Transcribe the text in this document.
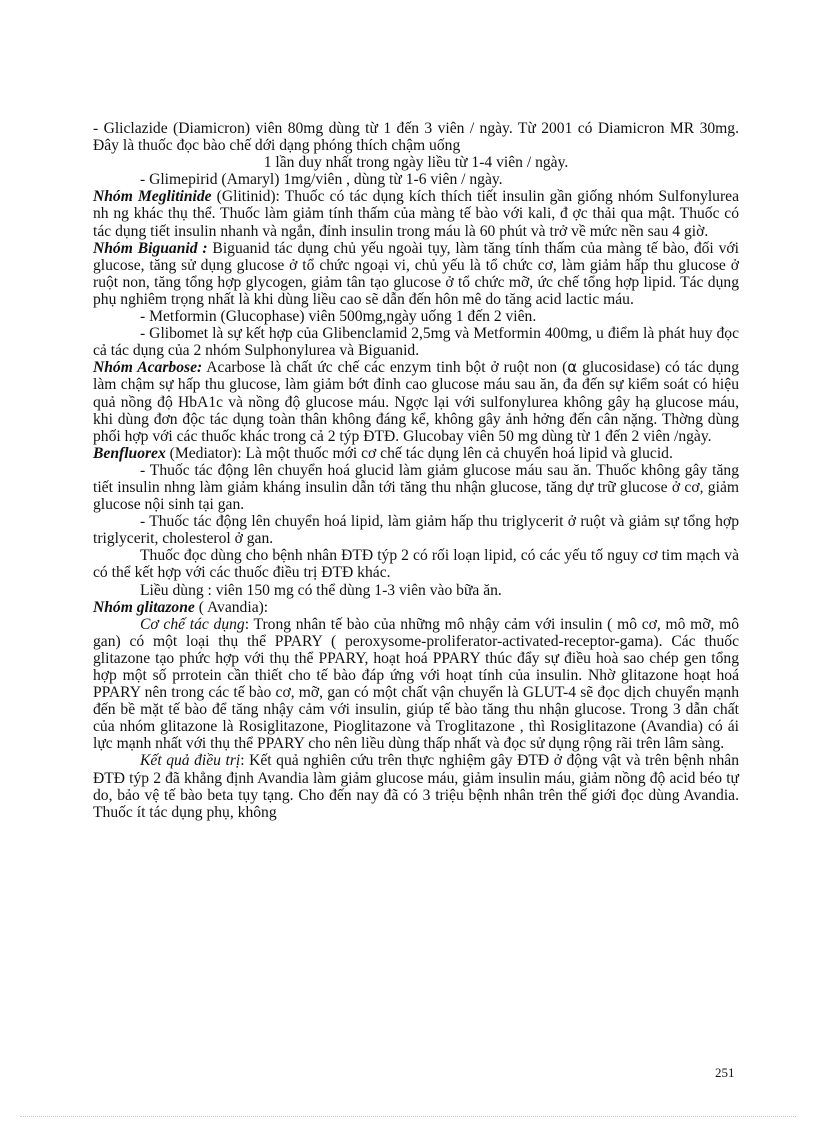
- Gliclazide (Diamicron) viên 80mg dùng từ 1 đến 3 viên / ngày. Từ 2001 có Diamicron MR 30mg. Đây là thuốc đọc bào chế dới dạng phóng thích chậm uống

1 lần duy nhất trong ngày liều từ 1-4 viên / ngày.

- Glimepirid (Amaryl) 1mg/viên , dùng từ 1-6 viên / ngày.

Nhóm Meglitinide (Glitinid): Thuốc có tác dụng kích thích tiết insulin gần giống nhóm Sulfonylurea nh ng khác thụ thể. Thuốc làm giảm tính thấm của màng tế bào với kali, đ ợc thải qua mật. Thuốc có tác dụng tiết insulin nhanh và ngắn, đỉnh insulin trong máu là 60 phút và trở về mức nền sau 4 giờ.

Nhóm Biguanid : Biguanid tác dụng chủ yếu ngoài tụy, làm tăng tính thấm của màng tế bào, đối với glucose, tăng sử dụng glucose ở tổ chức ngoại vi, chủ yếu là tổ chức cơ, làm giảm hấp thu glucose ở ruột non, tăng tổng hợp glycogen, giảm tân tạo glucose ở tổ chức mỡ, ức chế tổng hợp lipid. Tác dụng phụ nghiêm trọng nhất là khi dùng liều cao sẽ dẫn đến hôn mê do tăng acid lactic máu.

- Metformin (Glucophase) viên 500mg,ngày uống 1 đến 2 viên.

- Glibomet là sự kết hợp của Glibenclamid 2,5mg và Metformin 400mg, u điểm là phát huy đọc cả tác dụng của 2 nhóm Sulphonylurea và Biguanid.

Nhóm Acarbose: Acarbose là chất ức chế các enzym tinh bột ở ruột non (α glucosidase) có tác dụng làm chậm sự hấp thu glucose, làm giảm bớt đỉnh cao glucose máu sau ăn, đa đến sự kiểm soát có hiệu quả nồng độ HbA1c và nồng độ glucose máu. Ngợc lại với sulfonylurea không gây hạ glucose máu, khi dùng đơn độc tác dụng toàn thân không đáng kể, không gây ảnh hởng đến cân nặng. Thờng dùng phối hợp với các thuốc khác trong cả 2 týp ĐTĐ. Glucobay viên 50 mg dùng từ 1 đến 2 viên /ngày.

Benfluorex (Mediator): Là một thuốc mới cơ chế tác dụng lên cả chuyển hoá lipid và glucid.

- Thuốc tác động lên chuyển hoá glucid làm giảm glucose máu sau ăn. Thuốc không gây tăng tiết insulin nhng làm giảm kháng insulin dẫn tới tăng thu nhận glucose, tăng dự trữ glucose ở cơ, giảm glucose nội sinh tại gan.

- Thuốc tác động lên chuyển hoá lipid, làm giảm hấp thu triglycerit ở ruột và giảm sự tổng hợp triglycerit, cholesterol ở gan.

Thuốc đọc dùng cho bệnh nhân ĐTĐ týp 2 có rối loạn lipid, có các yếu tố nguy cơ tim mạch và có thể kết hợp với các thuốc điều trị ĐTĐ khác.

Liều dùng : viên 150 mg có thể dùng 1-3 viên vào bữa ăn.

Nhóm glitazone ( Avandia):

Cơ chế tác dụng: Trong nhân tế bào của những mô nhậy cảm với insulin ( mô cơ, mô mỡ, mô gan) có một loại thụ thể PPARY ( peroxysome-proliferator-activated-receptor-gama). Các thuốc glitazone tạo phức hợp với thụ thể PPARY, hoạt hoá PPARY thúc đẩy sự điều hoà sao chép gen tổng hợp một số prrotein cần thiết cho tế bào đáp ứng với hoạt tính của insulin. Nhờ glitazone hoạt hoá PPARY nên trong các tế bào cơ, mỡ, gan có một chất vận chuyển là GLUT-4 sẽ đọc dịch chuyển mạnh đến bề mặt tế bào để tăng nhậy cảm với insulin, giúp tế bào tăng thu nhận glucose. Trong 3 dẫn chất của nhóm glitazone là Rosiglitazone, Pioglitazone và Troglitazone , thì Rosiglitazone (Avandia) có ái lực mạnh nhất với thụ thể PPARY cho nên liều dùng thấp nhất và đọc sử dụng rộng rãi trên lâm sàng.

Kết quả điều trị: Kết quả nghiên cứu trên thực nghiệm gây ĐTĐ ở động vật và trên bệnh nhân ĐTĐ týp 2 đã khẳng định Avandia làm giảm glucose máu, giảm insulin máu, giảm nồng độ acid béo tự do, bảo vệ tế bào beta tụy tạng. Cho đến nay đã có 3 triệu bệnh nhân trên thế giới đọc dùng Avandia. Thuốc ít tác dụng phụ, không

251
